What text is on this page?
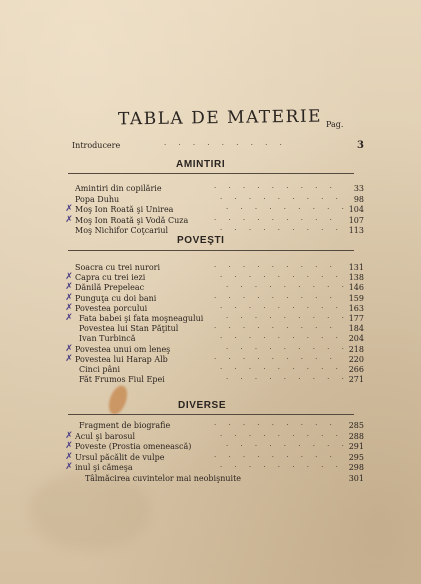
TABLA DE MATERIE Pag.
Introducere	· · · · · · · · ·	3
AMINTIRI
Amintiri din copilărie	· · · · · · · · ·	33
Popa Duhu	· · · · · · · · ·	98
✗ Moş Ion Roată şi Unirea	· · · · · · · · · 104
✗ Moş Ion Roată şi Vodă Cuza	· · · · · · · · ·	107
Moş Nichifor Coţcariul	· · · · · · · · · 113
POVEŞTI
Soacra cu trei nurori	· · · · · · · · ·	131
✗ Capra cu trei iezi	· · · · · · · · · 138
✗ Dănilă Prepeleac	· · · · · · · · · 146
✗ Punguţa cu doi bani	· · · · · · · · ·	159
✗ Povestea porcului	· · · · · · · · · 163
✗ Fata babei şi fata moşneagului	· · · · · · · · · 177
Povestea lui Stan Păţitul	· · · · · · · · ·	184
Ivan Turbincă	· · · · · · · · · 204
✗ Povestea unui om leneş	· · · · · · · · · 218
✗ Povestea lui Harap Alb	· · · · · · · · ·	220
Cinci pâni	· · · · · · · · · 266
Făt Frumos Fiul Epei	· · · · · · · · · 271
DIVERSE
Fragment de biografie	· · · · · · · · ·	285
✗ Acul şi barosul	· · · · · · · · · 288
✗ Poveste (Prostia omenească)	· · · · · · · · · 291
✗ Ursul păcălit de vulpe	· · · · · · · · ·	295
✗ inul şi cămeşa	· · · · · · · · · 298
Tâlmăcirea cuvintelor mai neobişnuite	301
